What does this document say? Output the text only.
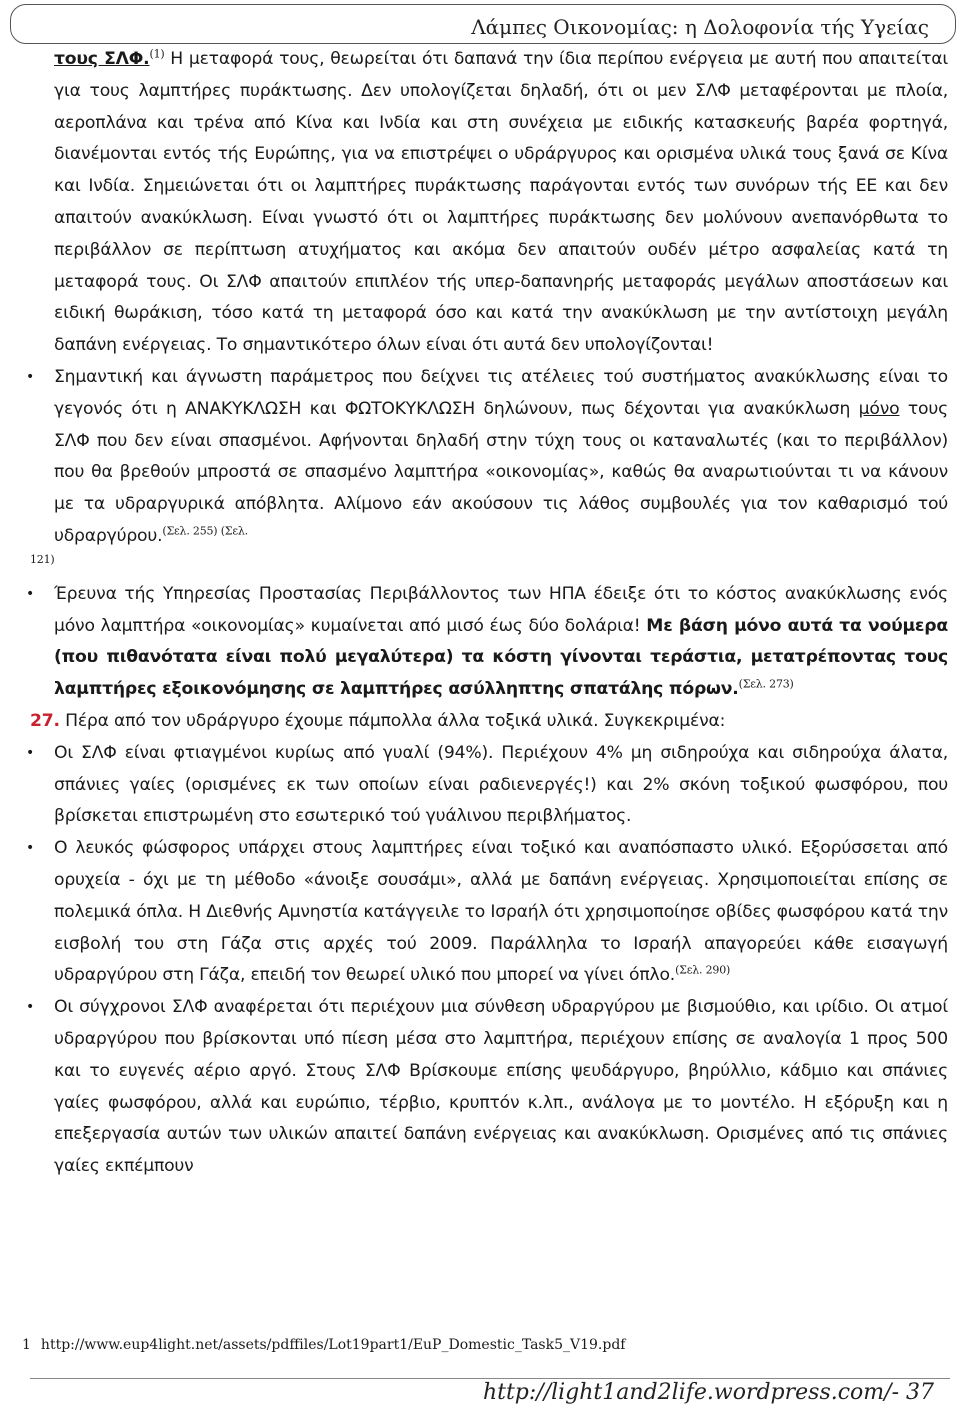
Λάμπες Οικονομίας: η Δολοφονία τής Υγείας

τους ΣΛΦ.$^{(1)}$ Η μεταφορά τους, θεωρείται ότι δαπανά την ίδια περίπου ενέργεια με αυτή που απαιτείται για τους λαμπτήρες πυράκτωσης. Δεν υπολογίζεται δηλαδή, ότι οι μεν ΣΛΦ μεταφέρονται με πλοία, αεροπλάνα και τρένα από Κίνα και Ινδία και στη συνέχεια με ειδικής κατασκευής βαρέα φορτηγά, διανέμονται εντός τής Ευρώπης, για να επιστρέψει ο υδράργυρος και ορισμένα υλικά τους ξανά σε Κίνα και Ινδία. Σημειώνεται ότι οι λαμπτήρες πυράκτωσης παράγονται εντός των συνόρων τής ΕΕ και δεν απαιτούν ανακύκλωση. Είναι γνωστό ότι οι λαμπτήρες πυράκτωσης δεν μολύνουν ανεπανόρθωτα το περιβάλλον σε περίπτωση ατυχήματος και ακόμα δεν απαιτούν ουδέν μέτρο ασφαλείας κατά τη μεταφορά τους. Οι ΣΛΦ απαιτούν επιπλέον τής υπερ-δαπανηρής μεταφοράς μεγάλων αποστάσεων και ειδική θωράκιση, τόσο κατά τη μεταφορά όσο και κατά την ανακύκλωση με την αντίστοιχη μεγάλη δαπάνη ενέργειας. Το σημαντικότερο όλων είναι ότι αυτά δεν υπολογίζονται!

• Σημαντική και άγνωστη παράμετρος που δείχνει τις ατέλειες τού συστήματος ανακύκλωσης είναι το γεγονός ότι η ΑΝΑΚΥΚΛΩΣΗ και ΦΩΤΟΚΥΚΛΩΣΗ δηλώνουν, πως δέχονται για ανακύκλωση μόνο τους ΣΛΦ που δεν είναι σπασμένοι. Αφήνονται δηλαδή στην τύχη τους οι καταναλωτές (και το περιβάλλον) που θα βρεθούν μπροστά σε σπασμένο λαμπτήρα «οικονομίας», καθώς θα αναρωτιούνται τι να κάνουν με τα υδραργυρικά απόβλητα. Αλίμονο εάν ακούσουν τις λάθος συμβουλές για τον καθαρισμό τού υδραργύρου.$^{(\Sigma\varepsilon\lambda. 255) (\Sigma\varepsilon\lambda.}$

121)

• Έρευνα τής Υπηρεσίας Προστασίας Περιβάλλοντος των ΗΠΑ έδειξε ότι το κόστος ανακύκλωσης ενός μόνο λαμπτήρα «οικονομίας» κυμαίνεται από μισό έως δύο δολάρια! Με βάση μόνο αυτά τα νούμερα (που πιθανότατα είναι πολύ μεγαλύτερα) τα κόστη γίνονται τεράστια, μετατρέποντας τους λαμπτήρες εξοικονόμησης σε λαμπτήρες ασύλληπτης σπατάλης πόρων.$^{(\Sigma\varepsilon\lambda. 273)}$

27. Πέρα από τον υδράργυρο έχουμε πάμπολλα άλλα τοξικά υλικά. Συγκεκριμένα:

• Οι ΣΛΦ είναι φτιαγμένοι κυρίως από γυαλί (94%). Περιέχουν 4% μη σιδηρούχα και σιδηρούχα άλατα, σπάνιες γαίες (ορισμένες εκ των οποίων είναι ραδιενεργές!) και 2% σκόνη τοξικού φωσφόρου, που βρίσκεται επιστρωμένη στο εσωτερικό τού γυάλινου περιβλήματος.

• Ο λευκός φώσφορος υπάρχει στους λαμπτήρες είναι τοξικό και αναπόσπαστο υλικό. Εξορύσσεται από ορυχεία - όχι με τη μέθοδο «άνοιξε σουσάμι», αλλά με δαπάνη ενέργειας. Χρησιμοποιείται επίσης σε πολεμικά όπλα. Η Διεθνής Αμνηστία κατάγγειλε το Ισραήλ ότι χρησιμοποίησε οβίδες φωσφόρου κατά την εισβολή του στη Γάζα στις αρχές τού 2009. Παράλληλα το Ισραήλ απαγορεύει κάθε εισαγωγή υδραργύρου στη Γάζα, επειδή τον θεωρεί υλικό που μπορεί να γίνει όπλο.$^{(\Sigma\varepsilon\lambda. 290)}$

• Οι σύγχρονοι ΣΛΦ αναφέρεται ότι περιέχουν μια σύνθεση υδραργύρου με βισμούθιο, και ιρίδιο. Οι ατμοί υδραργύρου που βρίσκονται υπό πίεση μέσα στο λαμπτήρα, περιέχουν επίσης σε αναλογία 1 προς 500 και το ευγενές αέριο αργό. Στους ΣΛΦ Βρίσκουμε επίσης ψευδάργυρο, βηρύλλιο, κάδμιο και σπάνιες γαίες φωσφόρου, αλλά και ευρώπιο, τέρβιο, κρυπτόν κ.λπ., ανάλογα με το μοντέλο. Η εξόρυξη και η επεξεργασία αυτών των υλικών απαιτεί δαπάνη ενέργειας και ανακύκλωση. Ορισμένες από τις σπάνιες γαίες εκπέμπουν

1 http://www.eup4light.net/assets/pdffiles/Lot19part1/EuP_Domestic_Task5_V19.pdf
http://light1and2life.wordpress.com/- 37
